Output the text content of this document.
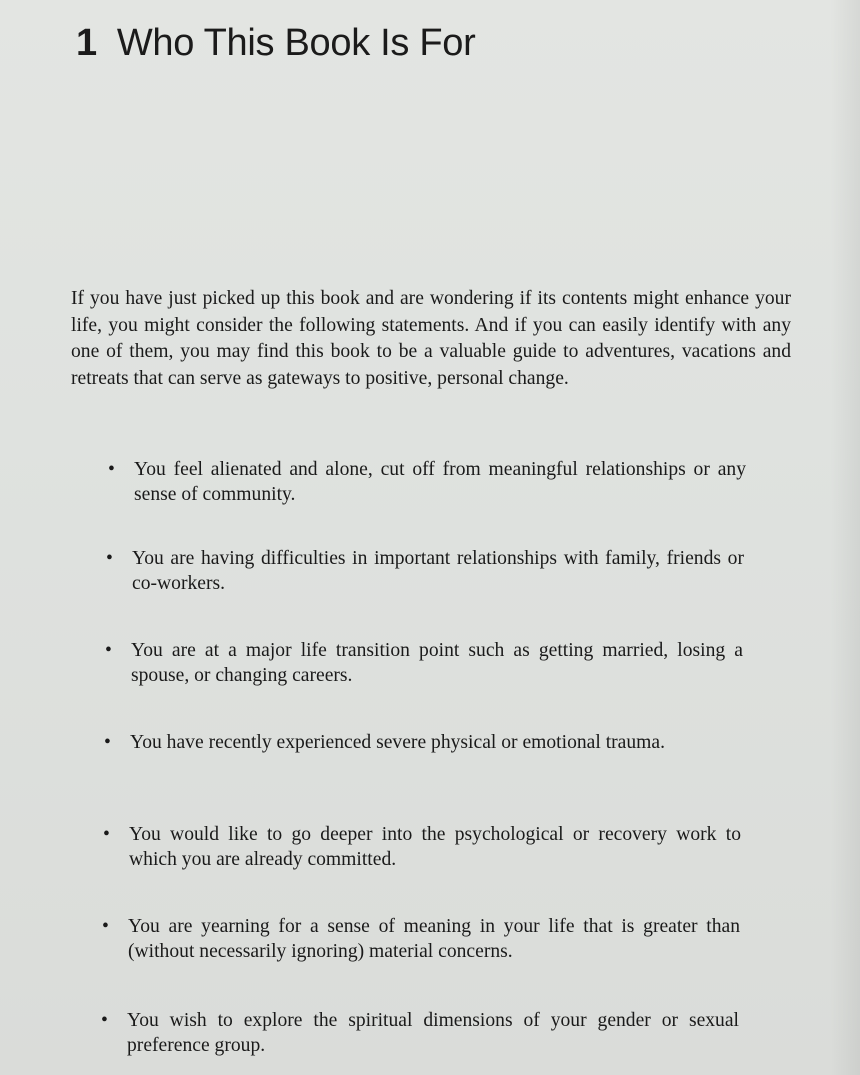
1 Who This Book Is For

If you have just picked up this book and are wondering if its contents might enhance your life, you might consider the following statements. And if you can easily identify with any one of them, you may find this book to be a valuable guide to adventures, vacations and retreats that can serve as gateways to positive, personal change.

• You feel alienated and alone, cut off from meaningful relationships or any sense of community.
• You are having difficulties in important relationships with family, friends or co-workers.
• You are at a major life transition point such as getting married, losing a spouse, or changing careers.
• You have recently experienced severe physical or emotional trauma.
• You would like to go deeper into the psychological or recovery work to which you are already committed.
• You are yearning for a sense of meaning in your life that is greater than (without necessarily ignoring) material concerns.
• You wish to explore the spiritual dimensions of your gender or sexual preference group.
